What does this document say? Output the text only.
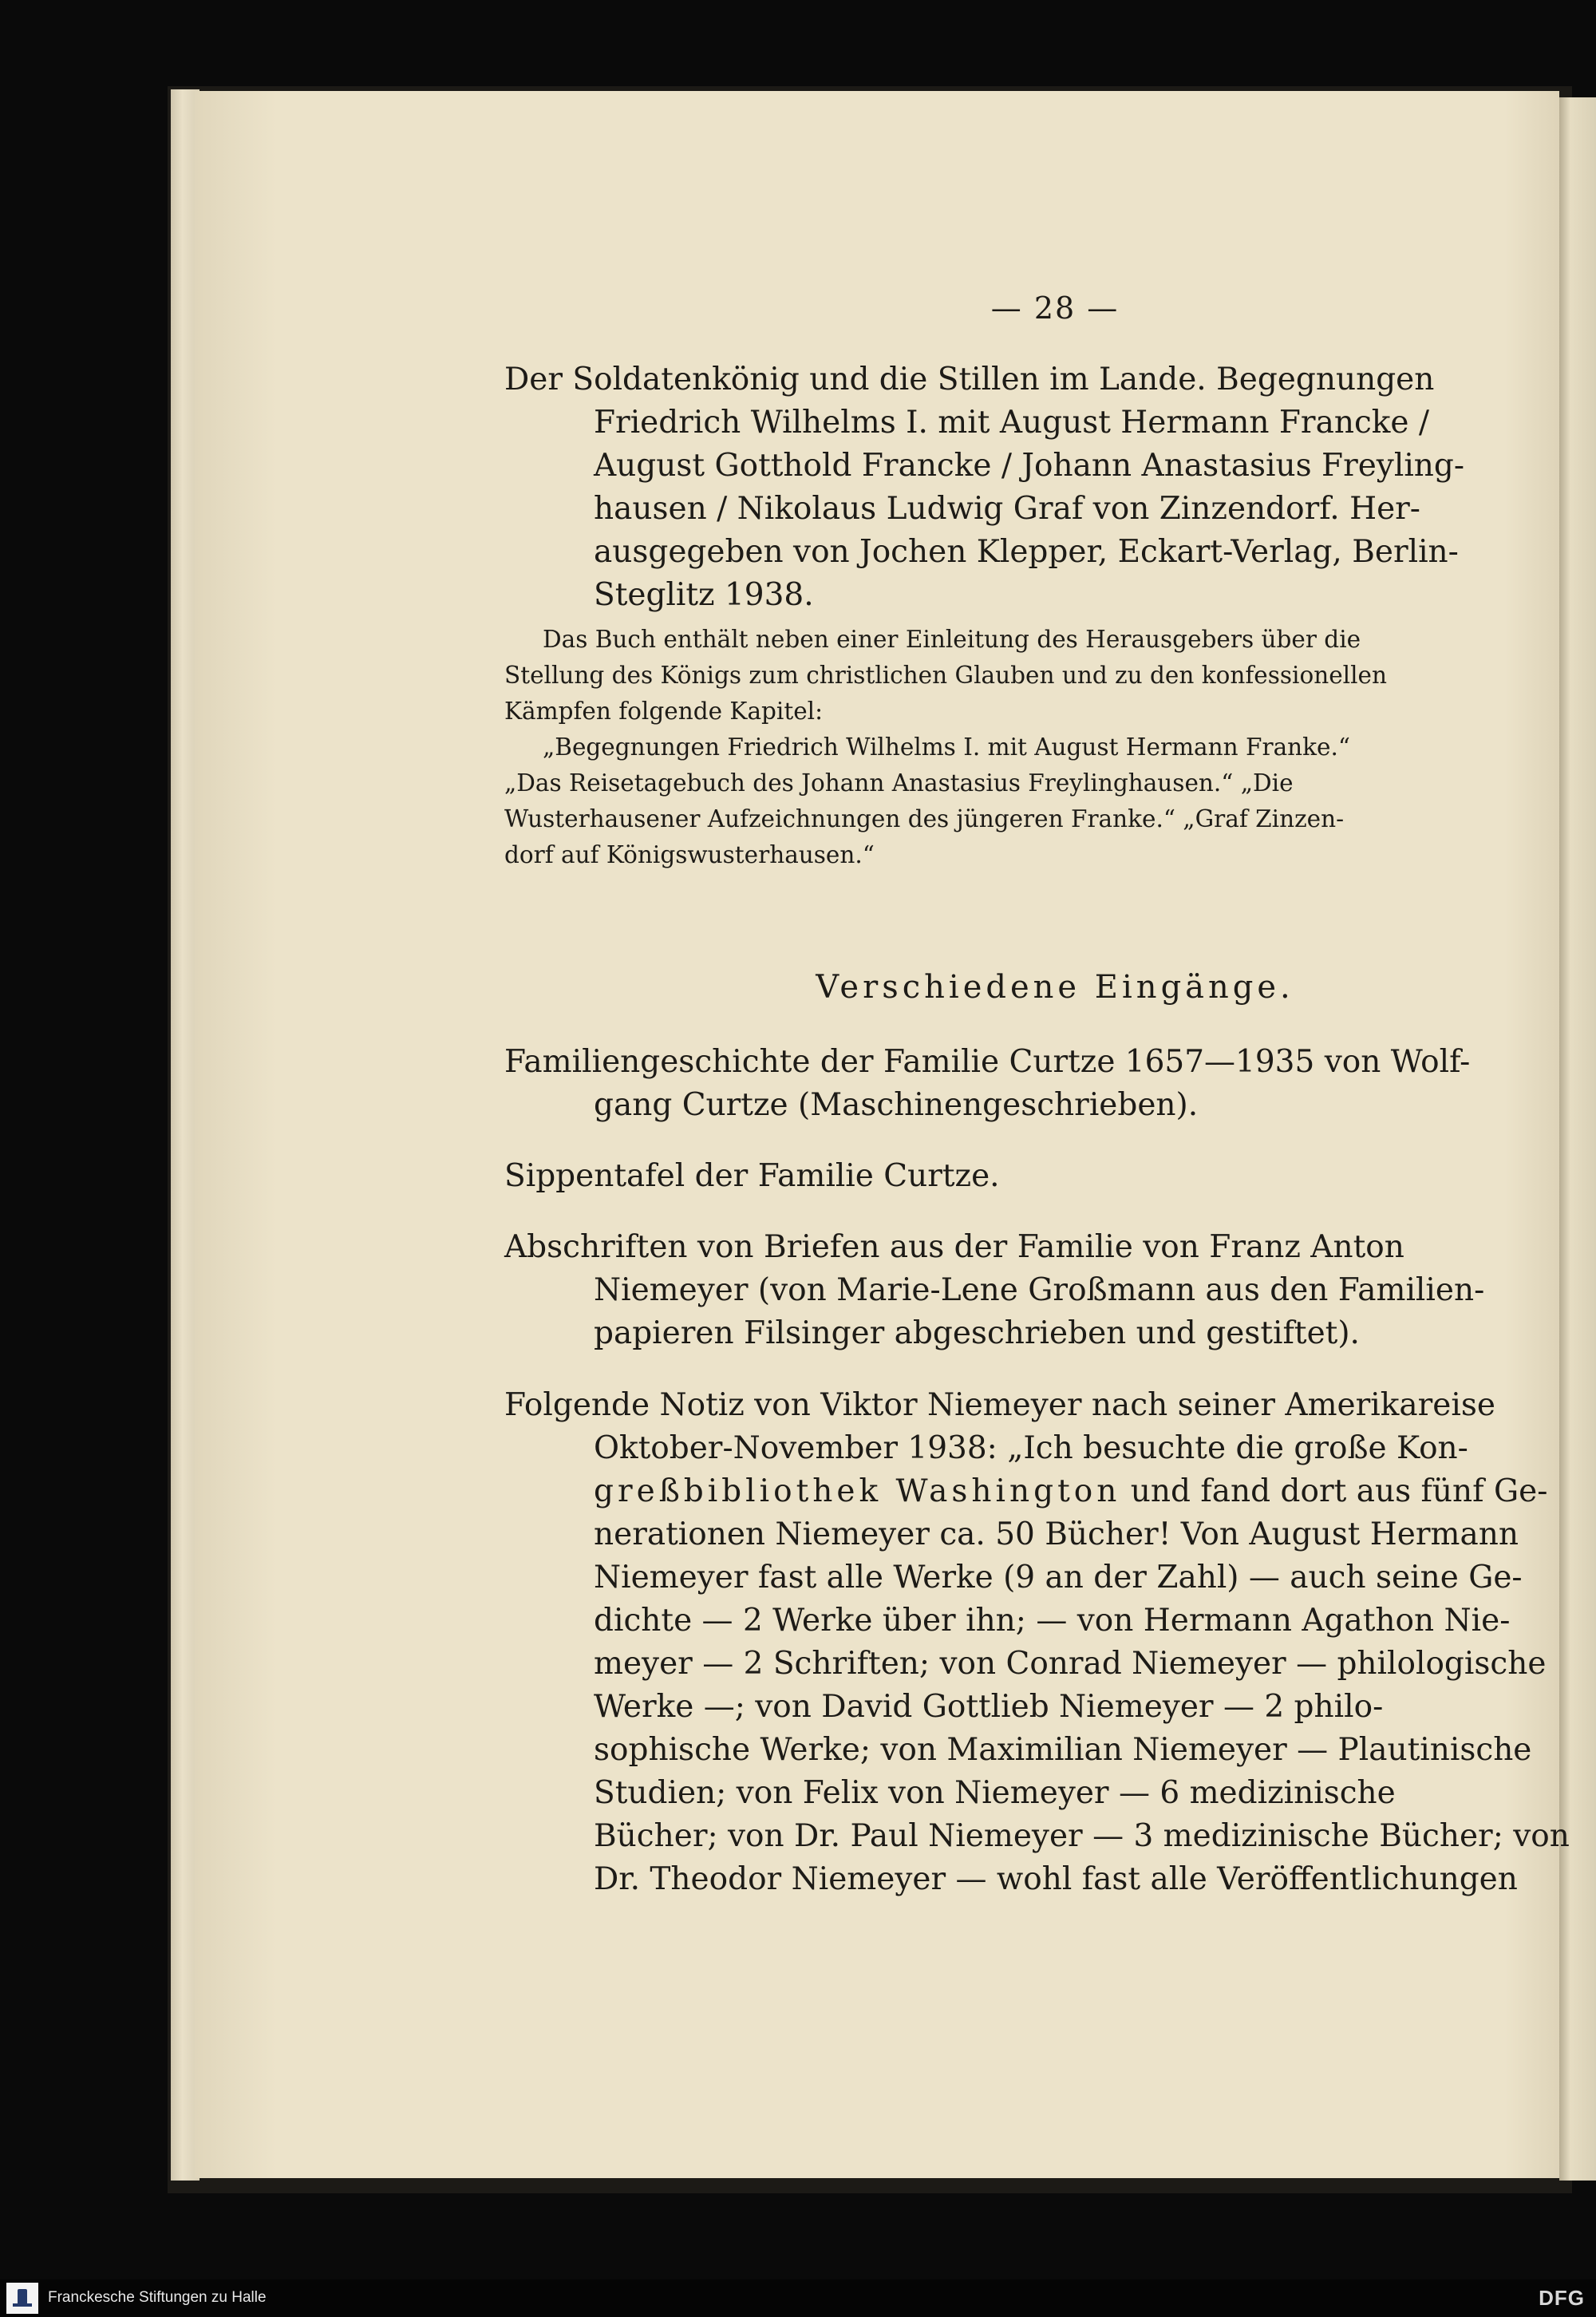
— 28 —
Der Soldatenkönig und die Stillen im Lande. Begegnungen
Friedrich Wilhelms I. mit August Hermann Francke /
August Gotthold Francke / Johann Anastasius Freyling-
hausen / Nikolaus Ludwig Graf von Zinzendorf. Her-
ausgegeben von Jochen Klepper, Eckart-Verlag, Berlin-
Steglitz 1938.
Das Buch enthält neben einer Einleitung des Herausgebers über die
Stellung des Königs zum christlichen Glauben und zu den konfessionellen
Kämpfen folgende Kapitel:
„Begegnungen Friedrich Wilhelms I. mit August Hermann Franke.“
„Das Reisetagebuch des Johann Anastasius Freylinghausen.“ „Die
Wusterhausener Aufzeichnungen des jüngeren Franke.“ „Graf Zinzen-
dorf auf Königswusterhausen.“
Verschiedene Eingänge.
Familiengeschichte der Familie Curtze 1657—1935 von Wolf-
gang Curtze (Maschinengeschrieben).
Sippentafel der Familie Curtze.
Abschriften von Briefen aus der Familie von Franz Anton
Niemeyer (von Marie-Lene Großmann aus den Familien-
papieren Filsinger abgeschrieben und gestiftet).
Folgende Notiz von Viktor Niemeyer nach seiner Amerikareise
Oktober-November 1938: „Ich besuchte die große Kon-
greßbibliothek Washington und fand dort aus fünf Ge-
nerationen Niemeyer ca. 50 Bücher! Von August Hermann
Niemeyer fast alle Werke (9 an der Zahl) — auch seine Ge-
dichte — 2 Werke über ihn; — von Hermann Agathon Nie-
meyer — 2 Schriften; von Conrad Niemeyer — philologische
Werke —; von David Gottlieb Niemeyer — 2 philo-
sophische Werke; von Maximilian Niemeyer — Plautinische
Studien; von Felix von Niemeyer — 6 medizinische
Bücher; von Dr. Paul Niemeyer — 3 medizinische Bücher; von
Dr. Theodor Niemeyer — wohl fast alle Veröffentlichungen
Franckesche Stiftungen zu Halle	DFG
